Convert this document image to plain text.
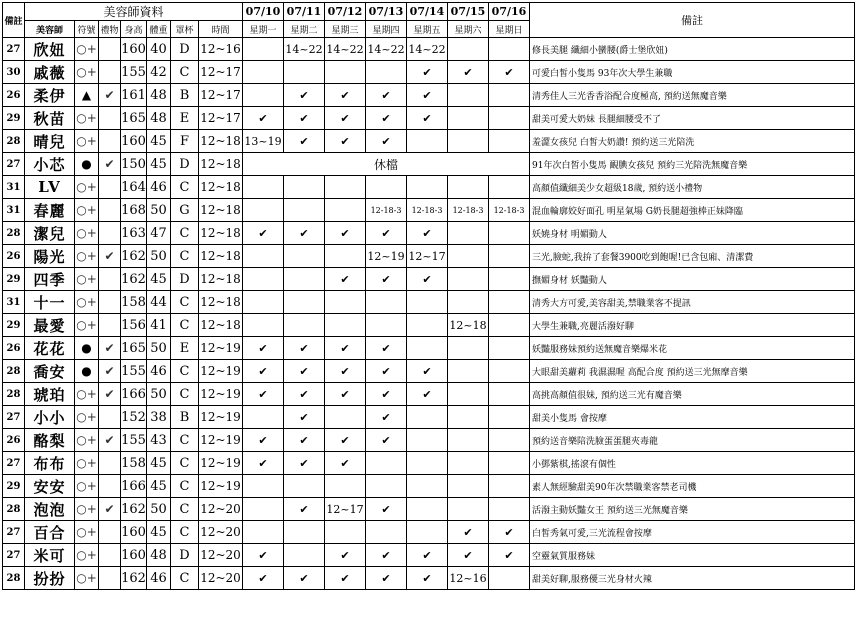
備註	美容師資料							07/10	07/11	07/12	07/13	07/14	07/15	07/16	備註
	美容師	符號	禮物	身高	體重	罩杯	時間	星期一	星期二	星期三	星期四	星期五	星期六	星期日	
27	欣妞	○+		160	40	D	12~16		14~22	14~22	14~22	14~22			修長美腿 纖細小蠻腰(爵士堡欣妞)
30	戚薇	○+		155	42	C	12~17					✔	✔	✔	可愛白皙小隻馬 93年次大學生兼職
26	柔伊	▲	✔	161	48	B	12~17		✔	✔	✔	✔			清秀佳人三光香香浴配合度極高, 預約送無魔音樂
29	秋苗	○+		165	48	E	12~17	✔	✔	✔	✔	✔			甜美可愛大奶妹 長腿細腰受不了
28	晴兒	○+		160	45	F	12~18	13~19	✔	✔	✔				羞澀女孩兒 白皙大奶讚! 預約送三光陪洗
27	小芯	●	✔	150	45	D	12~18	休檔							91年次白皙小隻馬 靦腆女孩兒 預約三光陪洗無魔音樂
31	LV	○+		164	46	C	12~18								高顏值纖細美少女超級18歲, 預約送小禮物
31	春麗	○+		168	50	G	12~18				12-18-3	12-18-3	12-18-3	12-18-3	混血輪廓姣好面孔 明星氣場 G奶長腿超強棒正妹降臨
28	潔兒	○+		163	47	C	12~18	✔	✔	✔	✔	✔			妖嬈身材 明媚動人
26	陽光	○+	✔	162	50	C	12~18				12~19	12~17			三光,臉蛇,我拚了套餐3900吃到飽喔!已含包廂、清潔費
29	四季	○+		162	45	D	12~18			✔	✔	✔			撫媚身材 妖豔動人
31	十一	○+		158	44	C	12~18								清秀大方可愛,美容甜美,禁職業客不提訊
29	最愛	○+		156	41	C	12~18						12~18		大學生兼職,亮麗活潑好聊
26	花花	●	✔	165	50	E	12~19	✔	✔	✔	✔				妖豔服務妹預約送無魔音樂爆米花
28	喬安	●	✔	155	46	C	12~19	✔	✔	✔	✔	✔			大眼甜美蘿莉 我濕濕喔 高配合度 預約送三光無摩音樂
28	琥珀	○+	✔	166	50	C	12~19	✔	✔	✔	✔	✔			高挑高顏值很妹, 預約送三光有魔音樂
27	小小	○+		152	38	B	12~19		✔		✔				甜美小隻馬 會按摩
26	酪梨	○+	✔	155	43	C	12~19	✔	✔	✔	✔				預約送音樂陪洗臉蛋蛋腿夾毒龍
27	布布	○+		158	45	C	12~19	✔	✔	✔					小鄧紫棋,搖滾有個性
29	安安	○+		166	45	C	12~19								素人無經驗甜美90年次禁職業客禁老司機
28	泡泡	○+	✔	162	50	C	12~20		✔	12~17	✔				活潑主動妖豔女王 預約送三光無魔音樂
27	百合	○+		160	45	C	12~20						✔	✔	白皙秀氣可愛,三光流程會按摩
27	米可	○+		160	48	D	12~20	✔		✔	✔	✔	✔	✔	空靈氣質服務妹
28	扮扮	○+		162	46	C	12~20	✔	✔	✔	✔	✔	12~16		甜美好聊,服務優三光身材火辣
